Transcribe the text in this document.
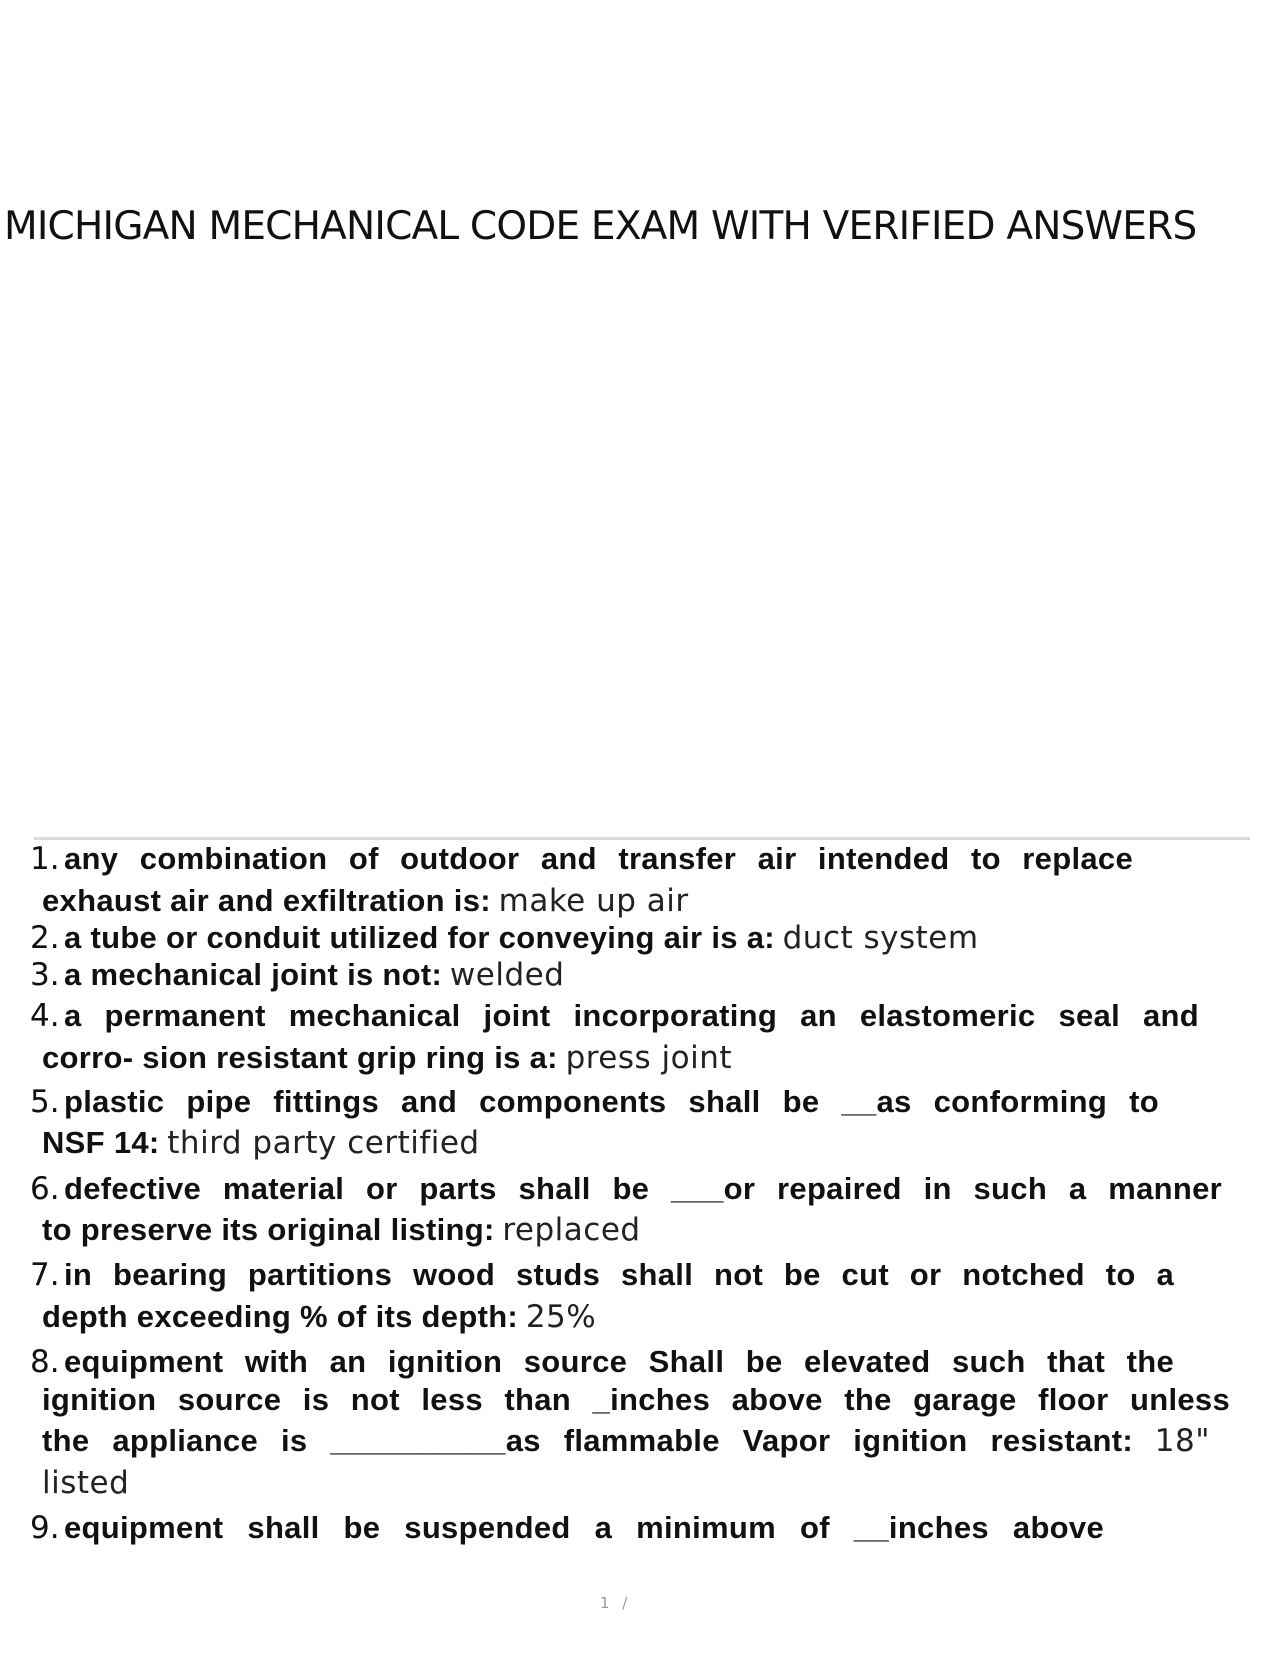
MICHIGAN MECHANICAL CODE EXAM WITH VERIFIED ANSWERS
1. any combination of outdoor and transfer air intended to replace
exhaust air and exfiltration is: make up air
2. a tube or conduit utilized for conveying air is a: duct system
3. a mechanical joint is not: welded
4. a permanent mechanical joint incorporating an elastomeric seal and
corro- sion resistant grip ring is a: press joint
5. plastic pipe fittings and components shall be __as conforming to
NSF 14: third party certified
6. defective material or parts shall be ___or repaired in such a manner
to preserve its original listing: replaced
7. in bearing partitions wood studs shall not be cut or notched to a
depth exceeding % of its depth: 25%
8. equipment with an ignition source Shall be elevated such that the
ignition source is not less than _inches above the garage floor unless
the appliance is __________as flammable Vapor ignition resistant: 18"
listed
9. equipment shall be suspended a minimum of __inches above
1 /
